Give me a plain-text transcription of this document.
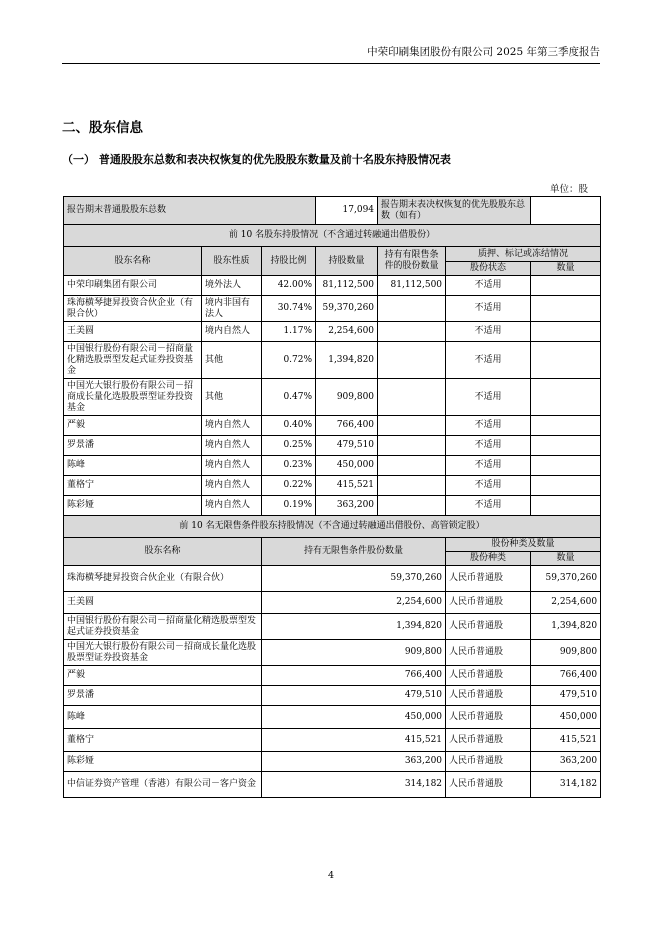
中荣印刷集团股份有限公司 2025 年第三季度报告
二、股东信息
（一） 普通股股东总数和表决权恢复的优先股股东数量及前十名股东持股情况表
单位：股
报告期末普通股股东总数			17,094	报告期末表决权恢复的优先股股东总数（如有）		
前 10 名股东持股情况（不含通过转融通出借股份）						
股东名称	股东性质	持股比例	持股数量	持有有限售条件的股份数量	质押、标记或冻结情况	
					股份状态	数量
中荣印刷集团有限公司	境外法人	42.00%	81,112,500	81,112,500	不适用	
珠海横琴捷昇投资合伙企业（有限合伙）	境内非国有法人	30.74%	59,370,260		不适用	
王美圆	境内自然人	1.17%	2,254,600		不适用	
中国银行股份有限公司－招商量化精选股票型发起式证券投资基金	其他	0.72%	1,394,820		不适用	
中国光大银行股份有限公司－招商成长量化选股股票型证券投资基金	其他	0.47%	909,800		不适用	
严毅	境内自然人	0.40%	766,400		不适用	
罗景潘	境内自然人	0.25%	479,510		不适用	
陈峰	境内自然人	0.23%	450,000		不适用	
董格宁	境内自然人	0.22%	415,521		不适用	
陈彩娅	境内自然人	0.19%	363,200		不适用	
前 10 名无限售条件股东持股情况（不含通过转融通出借股份、高管锁定股）						
股东名称		持有无限售条件股份数量			股份种类及数量	
					股份种类	数量
珠海横琴捷昇投资合伙企业（有限合伙）		59,370,260			人民币普通股	59,370,260
王美圆		2,254,600			人民币普通股	2,254,600
中国银行股份有限公司－招商量化精选股票型发起式证券投资基金		1,394,820			人民币普通股	1,394,820
中国光大银行股份有限公司－招商成长量化选股股票型证券投资基金		909,800			人民币普通股	909,800
严毅		766,400			人民币普通股	766,400
罗景潘		479,510			人民币普通股	479,510
陈峰		450,000			人民币普通股	450,000
董格宁		415,521			人民币普通股	415,521
陈彩娅		363,200			人民币普通股	363,200
中信证券资产管理（香港）有限公司－客户资金		314,182			人民币普通股	314,182
4
